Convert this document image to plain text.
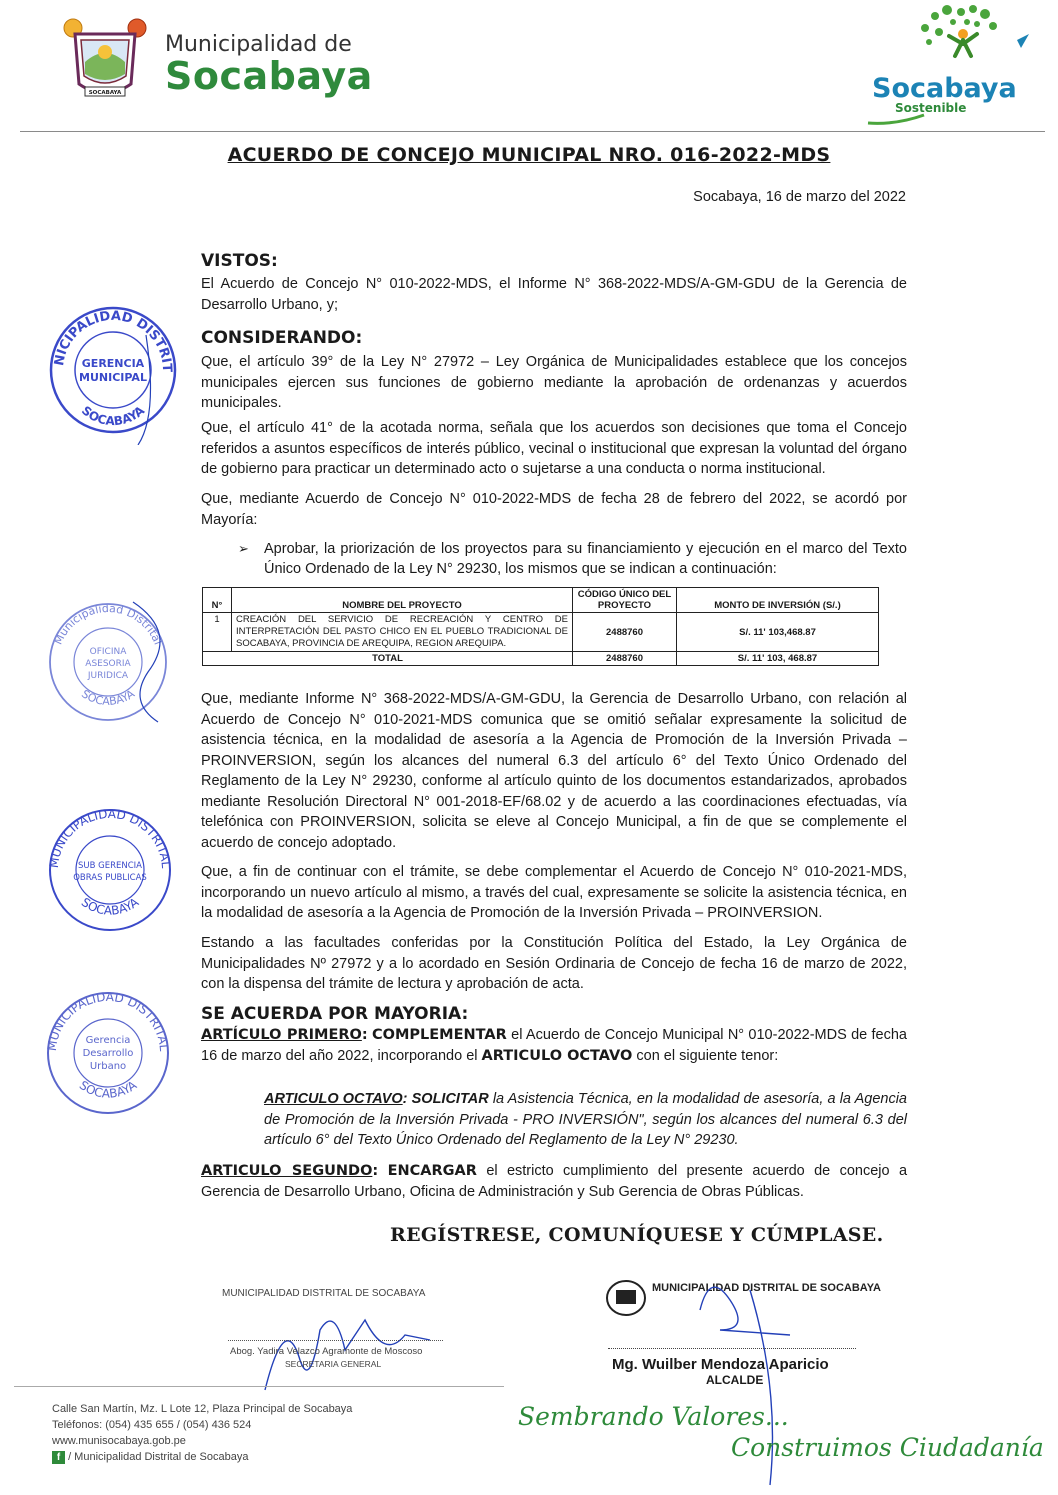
SOCABAYA
Municipalidad de
Socabaya	Socabaya
Sostenible
ACUERDO DE CONCEJO MUNICIPAL NRO. 016-2022-MDS
Socabaya, 16 de marzo del 2022
VISTOS:
El Acuerdo de Concejo N° 010-2022-MDS, el Informe N° 368-2022-MDS/A-GM-GDU de la Gerencia de Desarrollo Urbano, y;
CONSIDERANDO:
Que, el artículo 39° de la Ley N° 27972 – Ley Orgánica de Municipalidades establece que los concejos municipales ejercen sus funciones de gobierno mediante la aprobación de ordenanzas y acuerdos municipales.
Que, el artículo 41° de la acotada norma, señala que los acuerdos son decisiones que toma el Concejo referidos a asuntos específicos de interés público, vecinal o institucional que expresan la voluntad del órgano de gobierno para practicar un determinado acto o sujetarse a una conducta o norma institucional.
Que, mediante Acuerdo de Concejo N° 010-2022-MDS de fecha 28 de febrero del 2022, se acordó por Mayoría:
➢	Aprobar, la priorización de los proyectos para su financiamiento y ejecución en el marco del Texto Único Ordenado de la Ley N° 29230, los mismos que se indican a continuación:
N°	NOMBRE DEL PROYECTO	CÓDIGO ÚNICO DEL PROYECTO	MONTO DE INVERSIÓN (S/.)
1	CREACIÓN DEL SERVICIO DE RECREACIÓN Y CENTRO DE INTERPRETACIÓN DEL PASTO CHICO EN EL PUEBLO TRADICIONAL DE SOCABAYA, PROVINCIA DE AREQUIPA, REGION AREQUIPA.	2488760	S/. 11' 103,468.87
TOTAL		2488760	S/. 11' 103, 468.87
Que, mediante Informe N° 368-2022-MDS/A-GM-GDU, la Gerencia de Desarrollo Urbano, con relación al Acuerdo de Concejo N° 010-2021-MDS comunica que se omitió señalar expresamente la solicitud de asistencia técnica, en la modalidad de asesoría a la Agencia de Promoción de la Inversión Privada – PROINVERSION, según los alcances del numeral 6.3 del artículo 6° del Texto Único Ordenado del Reglamento de la Ley N° 29230, conforme al artículo quinto de los documentos estandarizados, aprobados mediante Resolución Directoral N° 001-2018-EF/68.02 y de acuerdo a las coordinaciones efectuadas, vía telefónica con PROINVERSION, solicita se eleve al Concejo Municipal, a fin de que se complemente el acuerdo de concejo adoptado.
Que, a fin de continuar con el trámite, se debe complementar el Acuerdo de Concejo N° 010-2021-MDS, incorporando un nuevo artículo al mismo, a través del cual, expresamente se solicite la asistencia técnica, en la modalidad de asesoría a la Agencia de Promoción de la Inversión Privada – PROINVERSION.
Estando a las facultades conferidas por la Constitución Política del Estado, la Ley Orgánica de Municipalidades Nº 27972 y a lo acordado en Sesión Ordinaria de Concejo de fecha 16 de marzo de 2022, con la dispensa del trámite de lectura y aprobación de acta.
SE ACUERDA POR MAYORIA:
ARTÍCULO PRIMERO: COMPLEMENTAR el Acuerdo de Concejo Municipal N° 010-2022-MDS de fecha 16 de marzo del año 2022, incorporando el ARTICULO OCTAVO con el siguiente tenor:
ARTICULO OCTAVO: SOLICITAR la Asistencia Técnica, en la modalidad de asesoría, a la Agencia de Promoción de la Inversión Privada - PRO INVERSIÓN", según los alcances del numeral 6.3 del artículo 6° del Texto Único Ordenado del Reglamento de la Ley N° 29230.
ARTICULO SEGUNDO: ENCARGAR el estricto cumplimiento del presente acuerdo de concejo a Gerencia de Desarrollo Urbano, Oficina de Administración y Sub Gerencia de Obras Públicas.
REGÍSTRESE, COMUNÍQUESE Y CÚMPLASE.
NICIPALIDAD DISTRIT
SOCABAYA
GERENCIA
MUNICIPAL
Municipalidad Distrital
SOCABAYA
OFICINA
ASESORIA
JURIDICA
MUNICIPALIDAD DISTRITAL
SOCABAYA
SUB GERENCIA
OBRAS PUBLICAS
MUNICIPALIDAD DISTRITAL
SOCABAYA
Gerencia
Desarrollo
Urbano
MUNICIPALIDAD DISTRITAL DE SOCABAYA
Abog. Yadira Velazco Agramonte de Moscoso
SECRETARIA GENERAL
MUNICIPALIDAD DISTRITAL DE SOCABAYA
Mg. Wuilber Mendoza Aparicio
ALCALDE
Calle San Martín, Mz. L Lote 12, Plaza Principal de Socabaya
Teléfonos: (054) 435 655 / (054) 436 524
www.munisocabaya.gob.pe
f / Municipalidad Distrital de Socabaya
Sembrando Valores...
Construimos Ciudadanía
